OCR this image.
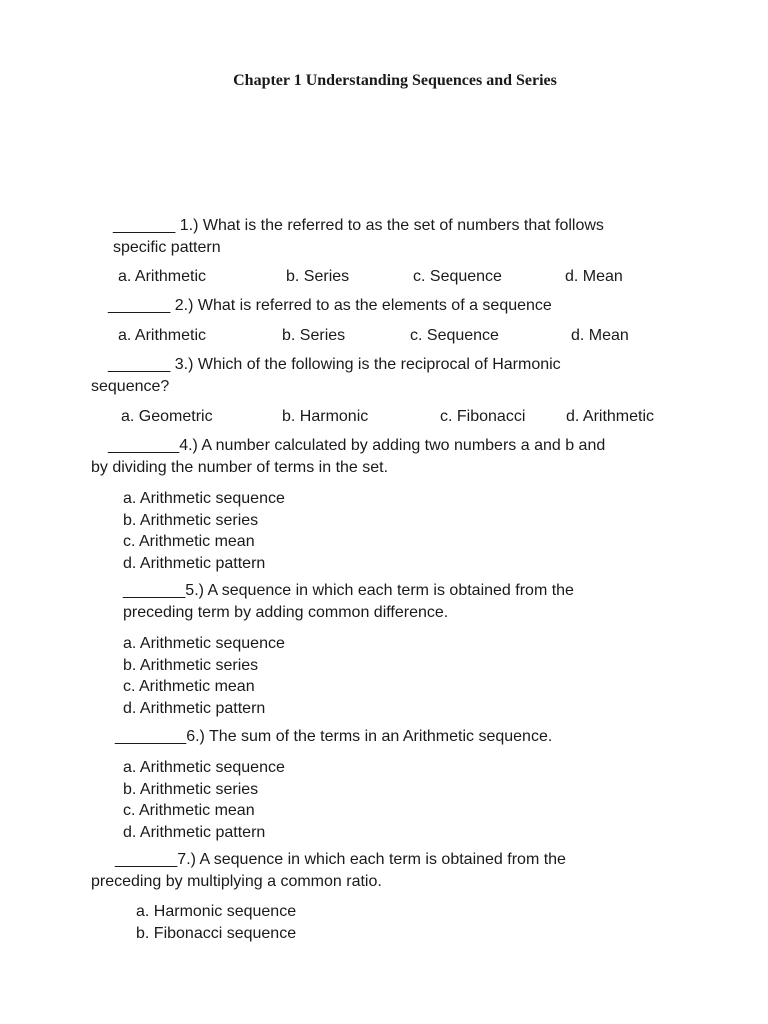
Chapter 1 Understanding Sequences and Series
_______ 1.) What is the referred to as the set of numbers that follows
specific pattern
a. Arithmetic	b. Series	c. Sequence	d. Mean
_______ 2.) What is referred to as the elements of a sequence
a. Arithmetic	b. Series	c. Sequence	d. Mean
_______ 3.) Which of the following is the reciprocal of Harmonic
sequence?
a. Geometric	b. Harmonic	c. Fibonacci	d. Arithmetic
________4.) A number calculated by adding two numbers a and b and
by dividing the number of terms in the set.
a. Arithmetic sequence
b. Arithmetic series
c. Arithmetic mean
d. Arithmetic pattern
_______5.) A sequence in which each term is obtained from the
preceding term by adding common difference.
a. Arithmetic sequence
b. Arithmetic series
c. Arithmetic mean
d. Arithmetic pattern
________6.) The sum of the terms in an Arithmetic sequence.
a. Arithmetic sequence
b. Arithmetic series
c. Arithmetic mean
d. Arithmetic pattern
_______7.) A sequence in which each term is obtained from the
preceding by multiplying a common ratio.
a. Harmonic sequence
b. Fibonacci sequence
